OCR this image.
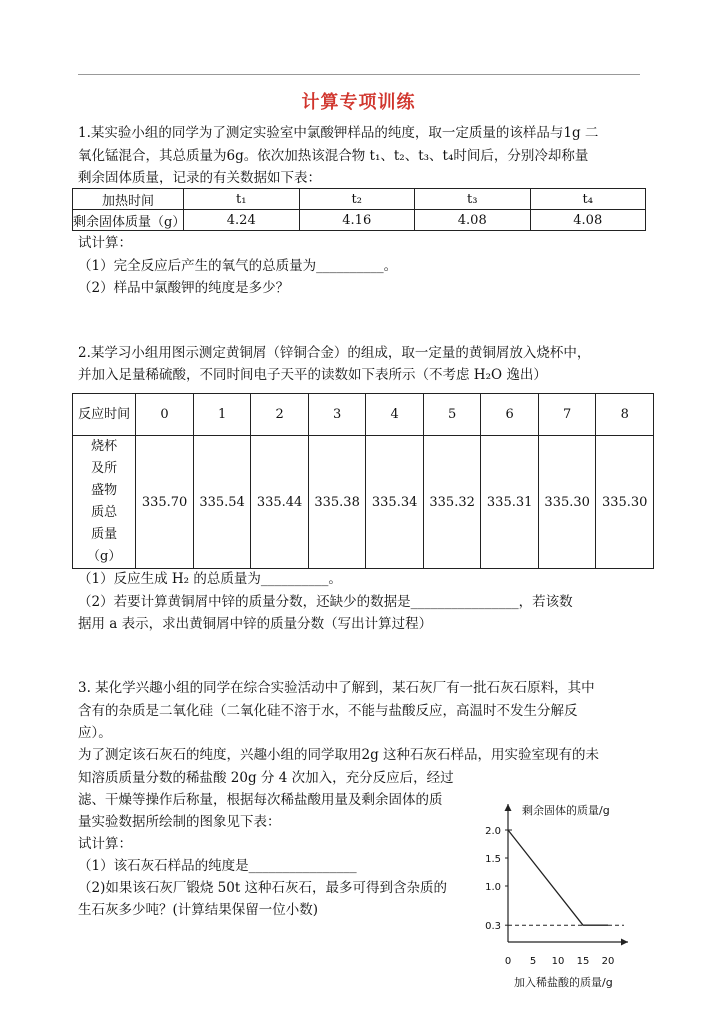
计算专项训练
1.某实验小组的同学为了测定实验室中氯酸钾样品的纯度，取一定质量的该样品与1g 二
氧化锰混合，其总质量为6g。依次加热该混合物 t₁、t₂、t₃、t₄时间后，分别冷却称量
剩余固体质量，记录的有关数据如下表：
加热时间	t₁	t₂	t₃	t₄
剩余固体质量（g）	4.24	4.16	4.08	4.08
试计算：
（1）完全反应后产生的氧气的总质量为__________。
（2）样品中氯酸钾的纯度是多少？
2.某学习小组用图示测定黄铜屑（锌铜合金）的组成，取一定量的黄铜屑放入烧杯中，
并加入足量稀硫酸，不同时间电子天平的读数如下表所示（不考虑 H₂O 逸出）
反应时间	0	1	2	3	4	5	6	7	8
烧杯及所盛物质总质量（g）	335.70	335.54	335.44	335.38	335.34	335.32	335.31	335.30	335.30
（1）反应生成 H₂ 的总质量为__________。
（2）若要计算黄铜屑中锌的质量分数，还缺少的数据是________________，若该数
据用 a 表示，求出黄铜屑中锌的质量分数（写出计算过程）
3. 某化学兴趣小组的同学在综合实验活动中了解到，某石灰厂有一批石灰石原料，其中
含有的杂质是二氧化硅（二氧化硅不溶于水，不能与盐酸反应，高温时不发生分解反
应）。
为了测定该石灰石的纯度，兴趣小组的同学取用2g 这种石灰石样品，用实验室现有的未
知溶质质量分数的稀盐酸 20g 分 4 次加入，充分反应后，经过
滤、干燥等操作后称量，根据每次稀盐酸用量及剩余固体的质
量实验数据所绘制的图象见下表：
试计算：
（1）该石灰石样品的纯度是________________
（2)如果该石灰厂锻烧 50t 这种石灰石，最多可得到含杂质的
生石灰多少吨？(计算结果保留一位小数)
剩余固体的质量/g
加入稀盐酸的质量/g
0.3
1.0
1.5
2.0
0 5 10 15 20
